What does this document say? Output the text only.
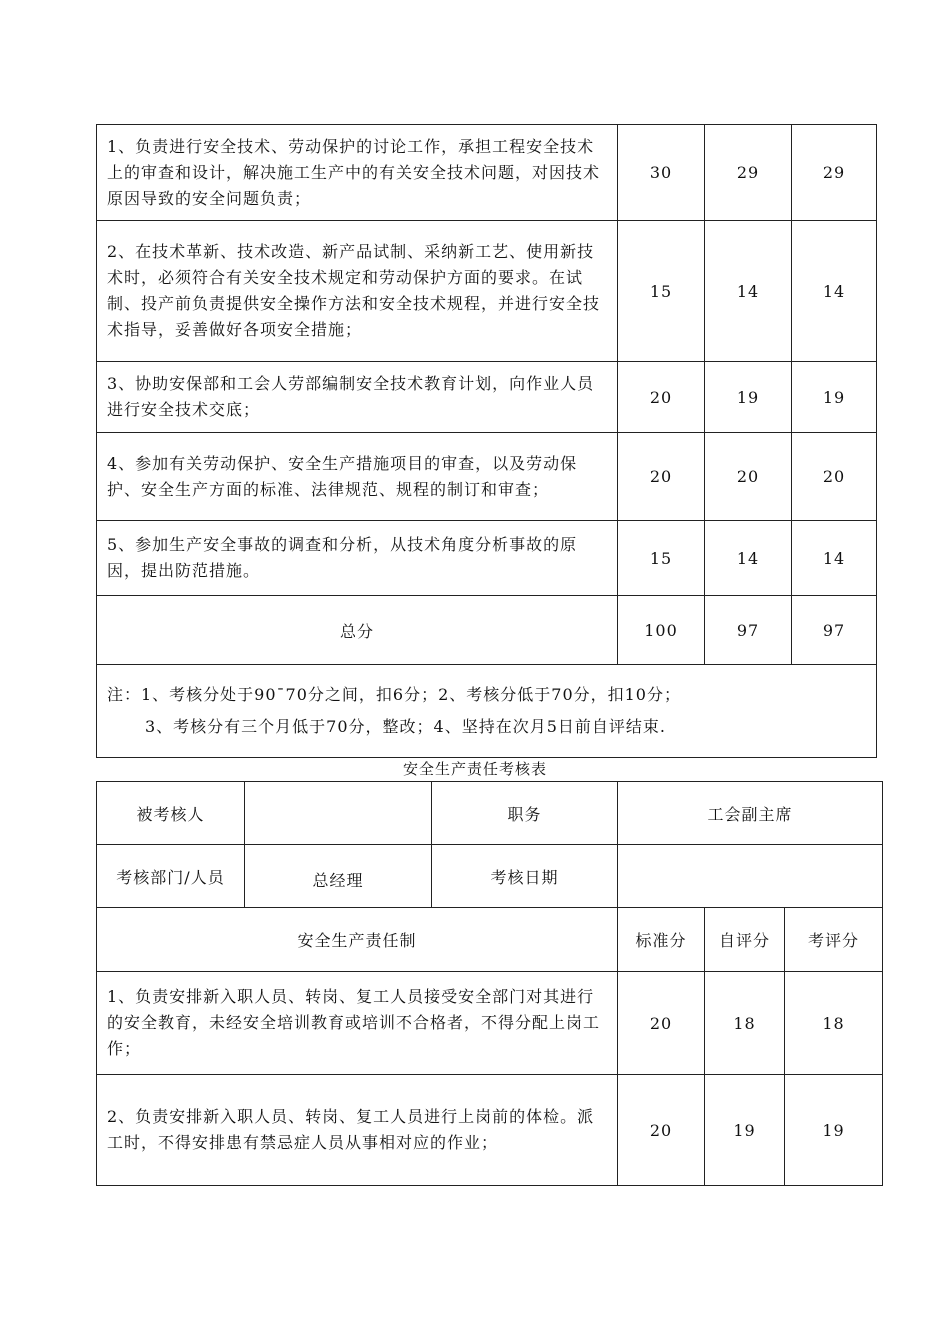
1、负责进行安全技术、劳动保护的讨论工作，承担工程安全技术上的审查和设计，解决施工生产中的有关安全技术问题，对因技术原因导致的安全问题负责；	30	29	29
2、在技术革新、技术改造、新产品试制、采纳新工艺、使用新技术时，必须符合有关安全技术规定和劳动保护方面的要求。在试制、投产前负责提供安全操作方法和安全技术规程，并进行安全技术指导，妥善做好各项安全措施；	15	14	14
3、协助安保部和工会人劳部编制安全技术教育计划，向作业人员进行安全技术交底；	20	19	19
4、参加有关劳动保护、安全生产措施项目的审查，以及劳动保护、安全生产方面的标准、法律规范、规程的制订和审查；	20	20	20
5、参加生产安全事故的调查和分析，从技术角度分析事故的原因，提出防范措施。	15	14	14
总分	100	97	97

注：1、考核分处于90¯70分之间，扣6分；2、考核分低于70分，扣10分；
3、考核分有三个月低于70分，整改；4、坚持在次月5日前自评结束.			
安全生产责任考核表
被考核人		职务	工会副主席		
考核部门/人员	总经理	考核日期			
安全生产责任制			标准分	自评分	考评分
1、负责安排新入职人员、转岗、复工人员接受安全部门对其进行的安全教育，未经安全培训教育或培训不合格者，不得分配上岗工作；			20	18	18
2、负责安排新入职人员、转岗、复工人员进行上岗前的体检。派工时，不得安排患有禁忌症人员从事相对应的作业；			20	19	19
